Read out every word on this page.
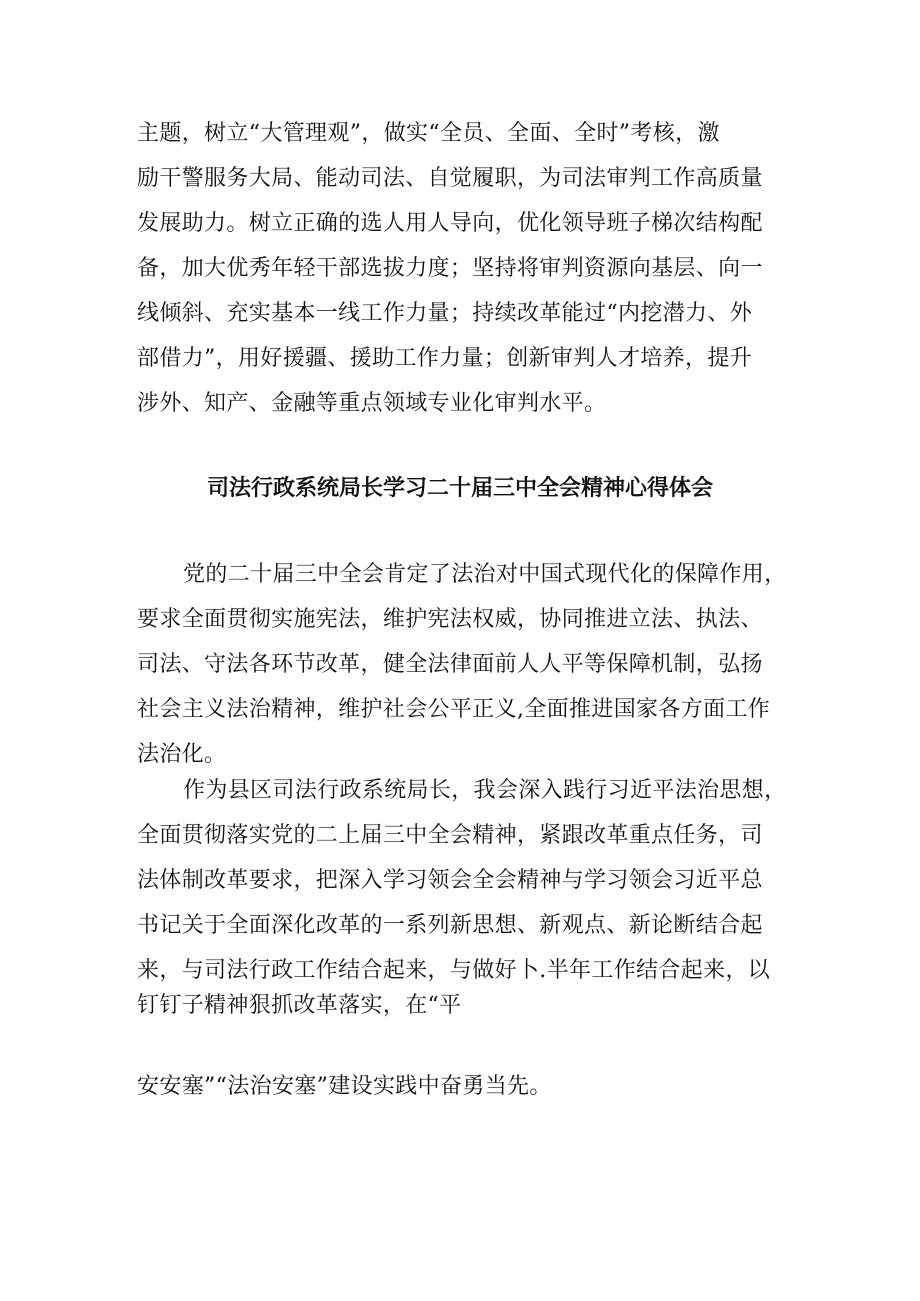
主题，树立“大管理观”，做实“全员、全面、全时”考核，激
励干警服务大局、能动司法、自觉履职，为司法审判工作高质量
发展助力。树立正确的选人用人导向，优化领导班子梯次结构配
备，加大优秀年轻干部选拔力度；坚持将审判资源向基层、向一
线倾斜、充实基本一线工作力量；持续改革能过“内挖潜力、外
部借力”，用好援疆、援助工作力量；创新审判人才培养，提升
涉外、知产、金融等重点领域专业化审判水平。
司法行政系统局长学习二十届三中全会精神心得体会
党的二十届三中全会肯定了法治对中国式现代化的保障作用，
要求全面贯彻实施宪法，维护宪法权威，协同推进立法、执法、
司法、守法各环节改革，健全法律面前人人平等保障机制，弘扬
社会主义法治精神，维护社会公平正义,全面推进国家各方面工作
法治化。
作为县区司法行政系统局长，我会深入践行习近平法治思想，
全面贯彻落实党的二上届三中全会精神，紧跟改革重点任务，司
法体制改革要求，把深入学习领会全会精神与学习领会习近平总
书记关于全面深化改革的一系列新思想、新观点、新论断结合起
来，与司法行政工作结合起来，与做好卜.半年工作结合起来，以
钉钉子精神狠抓改革落实，在“平
安安塞”“法治安塞”建设实践中奋勇当先。
